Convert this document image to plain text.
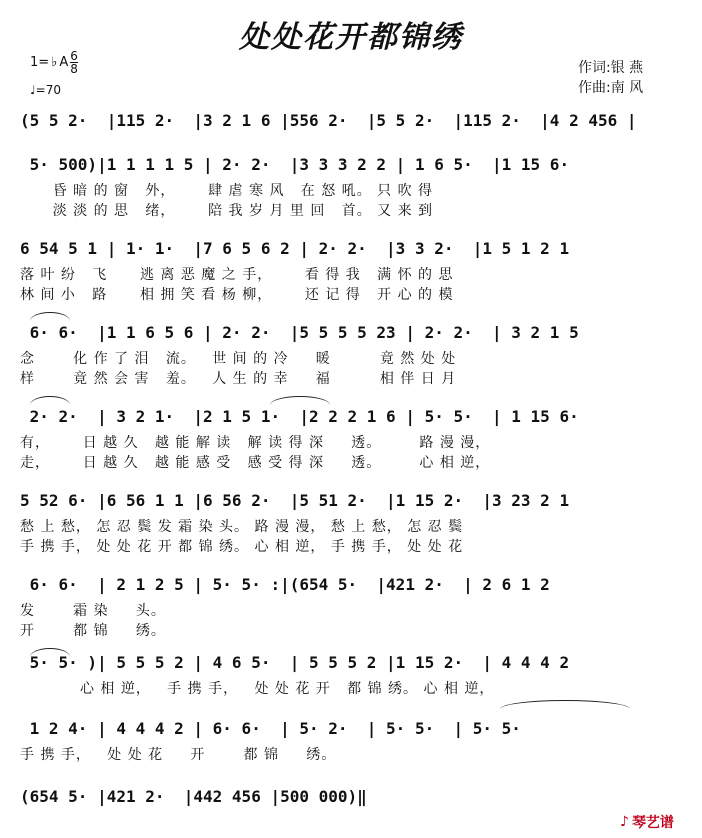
处处花开都锦绣
1= ♭ A $\frac{6}{8}$
♩=70
作词:银 燕
作曲:南 风
(5 5 2·  |115 2·  |3 2 1 6 |556 2·  |5 5 2·  |115 2·  |4 2 456 |
5· 500)|1 1 1 1 5 | 2· 2·  |3 3 3 2 2 | 1 6 5·  |1 15 6·
昏 暗 的 窗   外，      肆 虐 寒 风   在 怒 吼。 只 吹 得
淡 淡 的 思   绪，      陪 我 岁 月 里 回   首。 又 来 到
6 54 5 1 | 1· 1·  |7 6 5 6 2 | 2· 2·  |3 3 2·  |1 5 1 2 1
落 叶 纷   飞      逃 离 恶 魔 之 手，      看 得 我   满 怀 的 思
林 间 小   路      相 拥 笑 看 杨 柳，      还 记 得   开 心 的 模
6· 6·  |1 1 6 5 6 | 2· 2·  |5 5 5 5 23 | 2· 2·  | 3 2 1 5
念       化 作 了 泪   流。   世 间 的 冷     暖         竟 然 处 处
样       竟 然 会 害   羞。   人 生 的 幸     福         相 伴 日 月
2· 2·  | 3 2 1·  |2 1 5 1·  |2 2 2 1 6 | 5· 5·  | 1 15 6·
有，      日 越 久   越 能 解 读   解 读 得 深     透。       路 漫 漫，
走，      日 越 久   越 能 感 受   感 受 得 深     透。       心 相 逆，
5 52 6· |6 56 1 1 |6 56 2·  |5 51 2·  |1 15 2·  |3 23 2 1
愁 上 愁， 怎 忍 鬓 发 霜 染 头。 路 漫 漫， 愁 上 愁， 怎 忍 鬓
手 携 手， 处 处 花 开 都 锦 绣。 心 相 逆， 手 携 手， 处 处 花
6· 6·  | 2 1 2 5 | 5· 5· :|(654 5·  |421 2·  | 2 6 1 2
发       霜 染     头。
开       都 锦     绣。
5· 5· )| 5 5 5 2 | 4 6 5·  | 5 5 5 2 |1 15 2·  | 4 4 4 2
心 相 逆，   手 携 手，   处 处 花 开   都 锦 绣。 心 相 逆，
1 2 4· | 4 4 4 2 | 6· 6·  | 5· 2·  | 5· 5·  | 5· 5·
手 携 手，   处 处 花     开       都 锦     绣。
(654 5· |421 2·  |442 456 |500 000)‖
♪ 琴艺谱
